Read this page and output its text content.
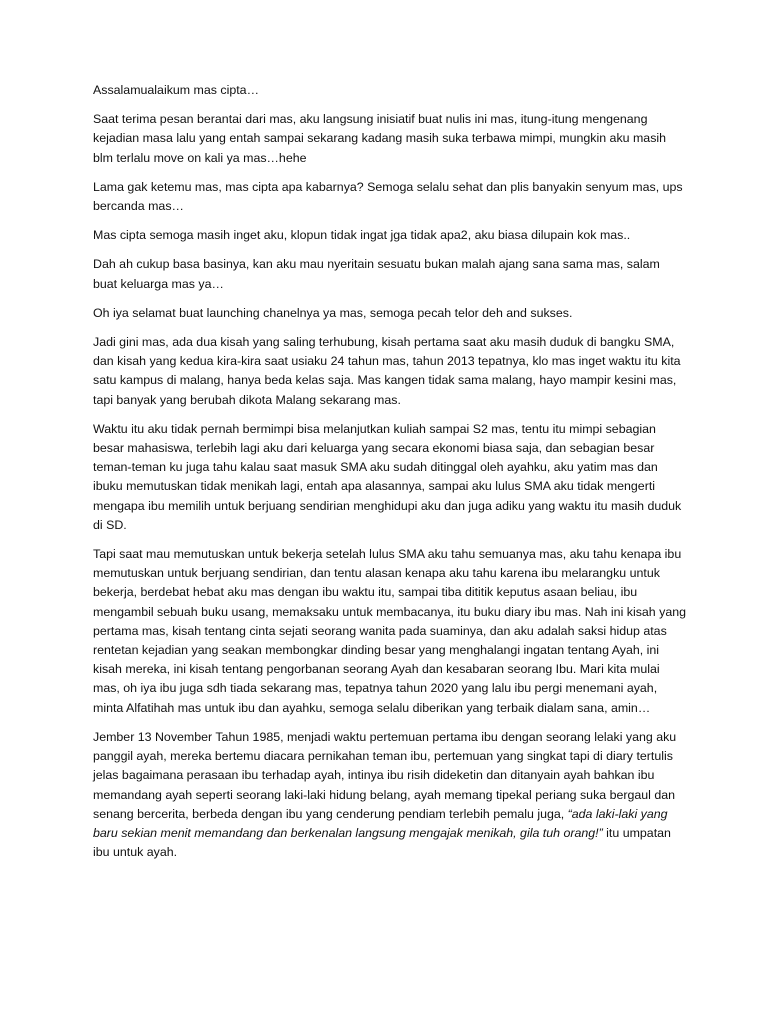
Assalamualaikum mas cipta…

Saat terima pesan berantai dari mas, aku langsung inisiatif buat nulis ini mas, itung-itung mengenang kejadian masa lalu yang entah sampai sekarang kadang masih suka terbawa mimpi, mungkin aku masih blm terlalu move on kali ya mas…hehe

Lama gak ketemu mas, mas cipta apa kabarnya? Semoga selalu sehat dan plis banyakin senyum mas, ups bercanda mas…

Mas cipta semoga masih inget aku, klopun tidak ingat jga tidak apa2, aku biasa dilupain kok mas..

Dah ah cukup basa basinya, kan aku mau nyeritain sesuatu bukan malah ajang sana sama mas, salam buat keluarga mas ya…

Oh iya selamat buat launching chanelnya ya mas, semoga pecah telor deh and sukses.

Jadi gini mas, ada dua kisah yang saling terhubung, kisah pertama saat aku masih duduk di bangku SMA, dan kisah yang kedua kira-kira saat usiaku 24 tahun mas, tahun 2013 tepatnya, klo mas inget waktu itu kita satu kampus di malang, hanya beda kelas saja. Mas kangen tidak sama malang, hayo mampir kesini mas, tapi banyak yang berubah dikota Malang sekarang mas.

Waktu itu aku tidak pernah bermimpi bisa melanjutkan kuliah sampai S2 mas, tentu itu mimpi sebagian besar mahasiswa, terlebih lagi aku dari keluarga yang secara ekonomi biasa saja, dan sebagian besar teman-teman ku juga tahu kalau saat masuk SMA aku sudah ditinggal oleh ayahku, aku yatim mas dan ibuku memutuskan tidak menikah lagi, entah apa alasannya, sampai aku lulus SMA aku tidak mengerti mengapa ibu memilih untuk berjuang sendirian menghidupi aku dan juga adiku yang waktu itu masih duduk di SD.

Tapi saat mau memutuskan untuk bekerja setelah lulus SMA aku tahu semuanya mas, aku tahu kenapa ibu memutuskan untuk berjuang sendirian, dan tentu alasan kenapa aku tahu karena ibu melarangku untuk bekerja, berdebat hebat aku mas dengan ibu waktu itu, sampai tiba dititik keputus asaan beliau, ibu mengambil sebuah buku usang, memaksaku untuk membacanya, itu buku diary ibu mas. Nah ini kisah yang pertama mas, kisah tentang cinta sejati seorang wanita pada suaminya, dan aku adalah saksi hidup atas rentetan kejadian yang seakan membongkar dinding besar yang menghalangi ingatan tentang Ayah, ini kisah mereka, ini kisah tentang pengorbanan seorang Ayah dan kesabaran seorang Ibu. Mari kita mulai mas, oh iya ibu juga sdh tiada sekarang mas, tepatnya tahun 2020 yang lalu ibu pergi menemani ayah, minta Alfatihah mas untuk ibu dan ayahku, semoga selalu diberikan yang terbaik dialam sana, amin…

Jember 13 November Tahun 1985, menjadi waktu pertemuan pertama ibu dengan seorang lelaki yang aku panggil ayah, mereka bertemu diacara pernikahan teman ibu, pertemuan yang singkat tapi di diary tertulis jelas bagaimana perasaan ibu terhadap ayah, intinya ibu risih dideketin dan ditanyain ayah bahkan ibu memandang ayah seperti seorang laki-laki hidung belang, ayah memang tipekal periang suka bergaul dan senang bercerita, berbeda dengan ibu yang cenderung pendiam terlebih pemalu juga, “ada laki-laki yang baru sekian menit memandang dan berkenalan langsung mengajak menikah, gila tuh orang!” itu umpatan ibu untuk ayah.
